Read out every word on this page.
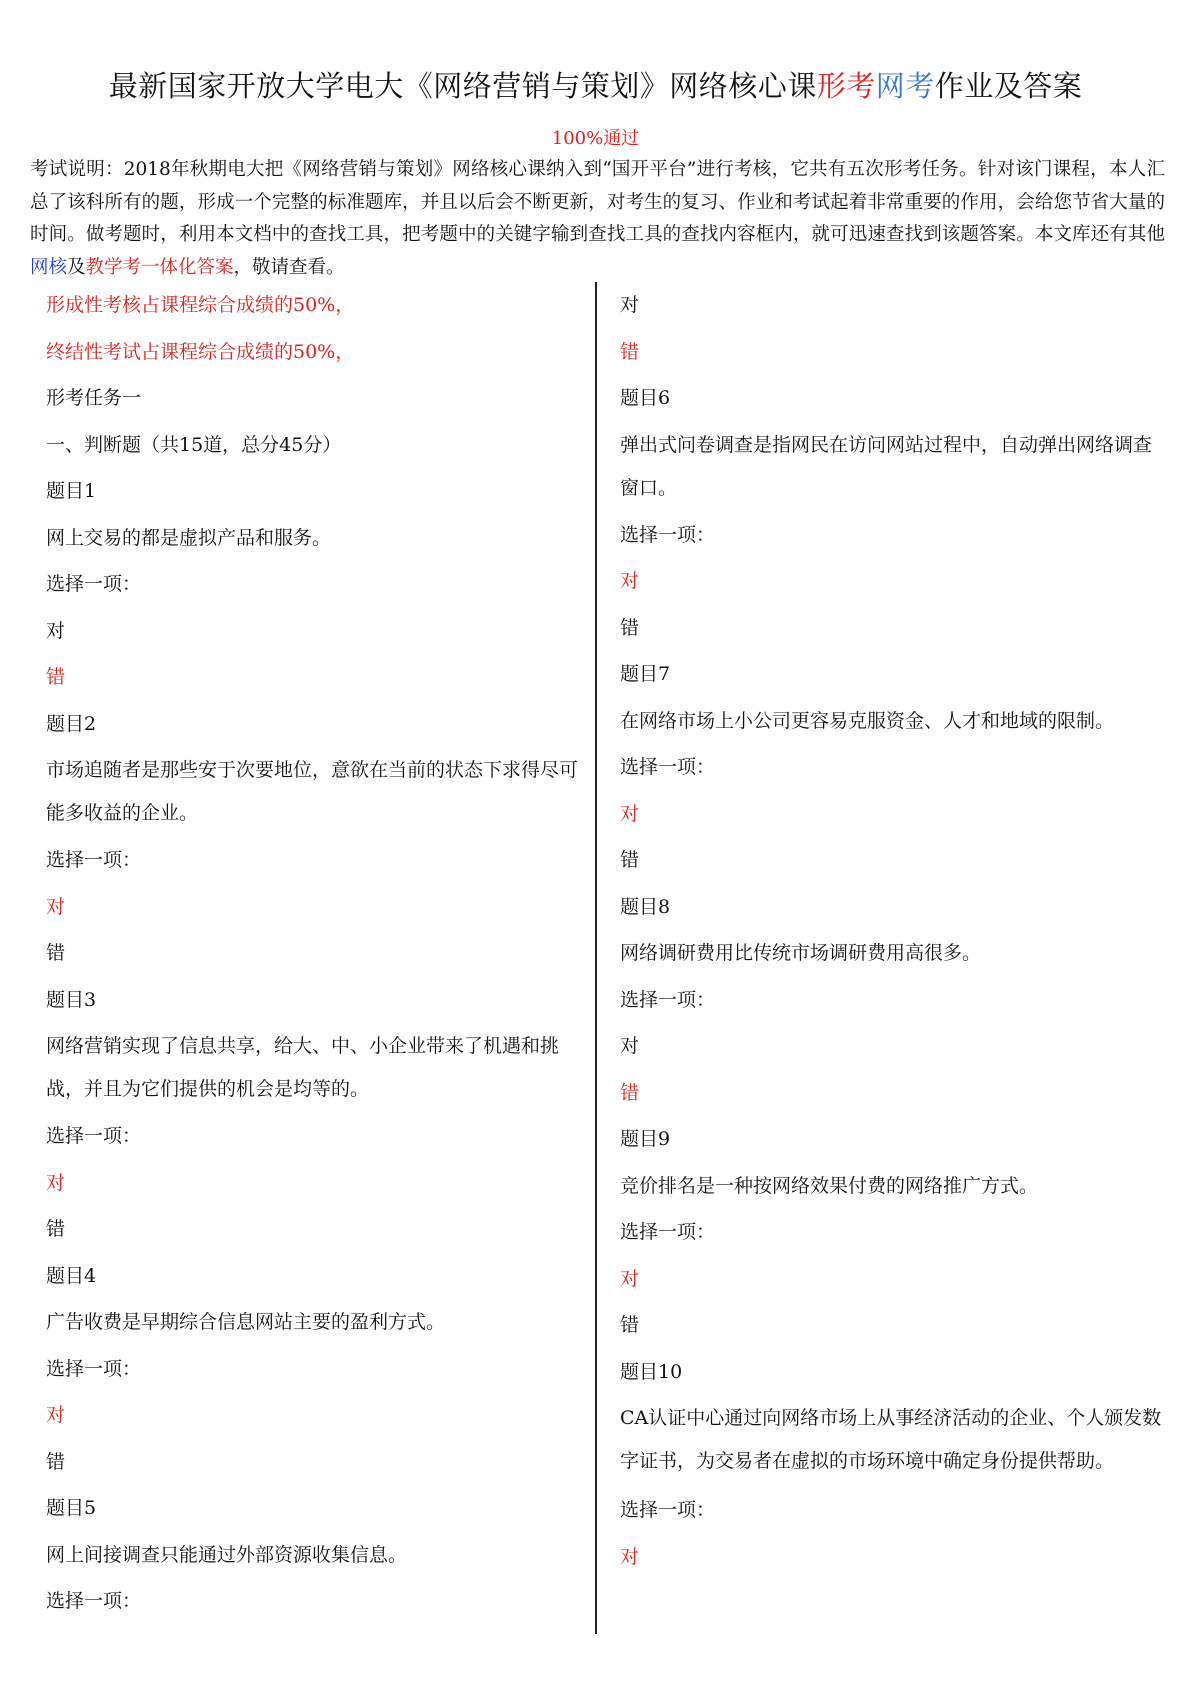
最新国家开放大学电大《网络营销与策划》网络核心课形考网考作业及答案
100%通过
考试说明：2018年秋期电大把《网络营销与策划》网络核心课纳入到“国开平台”进行考核，它共有五次形考任务。针对该门课程，本人汇总了该科所有的题，形成一个完整的标准题库，并且以后会不断更新，对考生的复习、作业和考试起着非常重要的作用，会给您节省大量的时间。做考题时，利用本文档中的查找工具，把考题中的关键字输到查找工具的查找内容框内，就可迅速查找到该题答案。本文库还有其他网核及教学考一体化答案，敬请查看。
形成性考核占课程综合成绩的50%，
终结性考试占课程综合成绩的50%，
形考任务一
一、判断题（共15道，总分45分）
题目1
网上交易的都是虚拟产品和服务。
选择一项：
对
错
题目2
市场追随者是那些安于次要地位，意欲在当前的状态下求得尽可能多收益的企业。
选择一项：
对
错
题目3
网络营销实现了信息共享，给大、中、小企业带来了机遇和挑战，并且为它们提供的机会是均等的。
选择一项：
对
错
题目4
广告收费是早期综合信息网站主要的盈利方式。
选择一项：
对
错
题目5
网上间接调查只能通过外部资源收集信息。
选择一项：
对
错
题目6
弹出式问卷调查是指网民在访问网站过程中，自动弹出网络调查窗口。
选择一项：
对
错
题目7
在网络市场上小公司更容易克服资金、人才和地域的限制。
选择一项：
对
错
题目8
网络调研费用比传统市场调研费用高很多。
选择一项：
对
错
题目9
竞价排名是一种按网络效果付费的网络推广方式。
选择一项：
对
错
题目10
CA认证中心通过向网络市场上从事经济活动的企业、个人颁发数字证书，为交易者在虚拟的市场环境中确定身份提供帮助。
选择一项：
对
